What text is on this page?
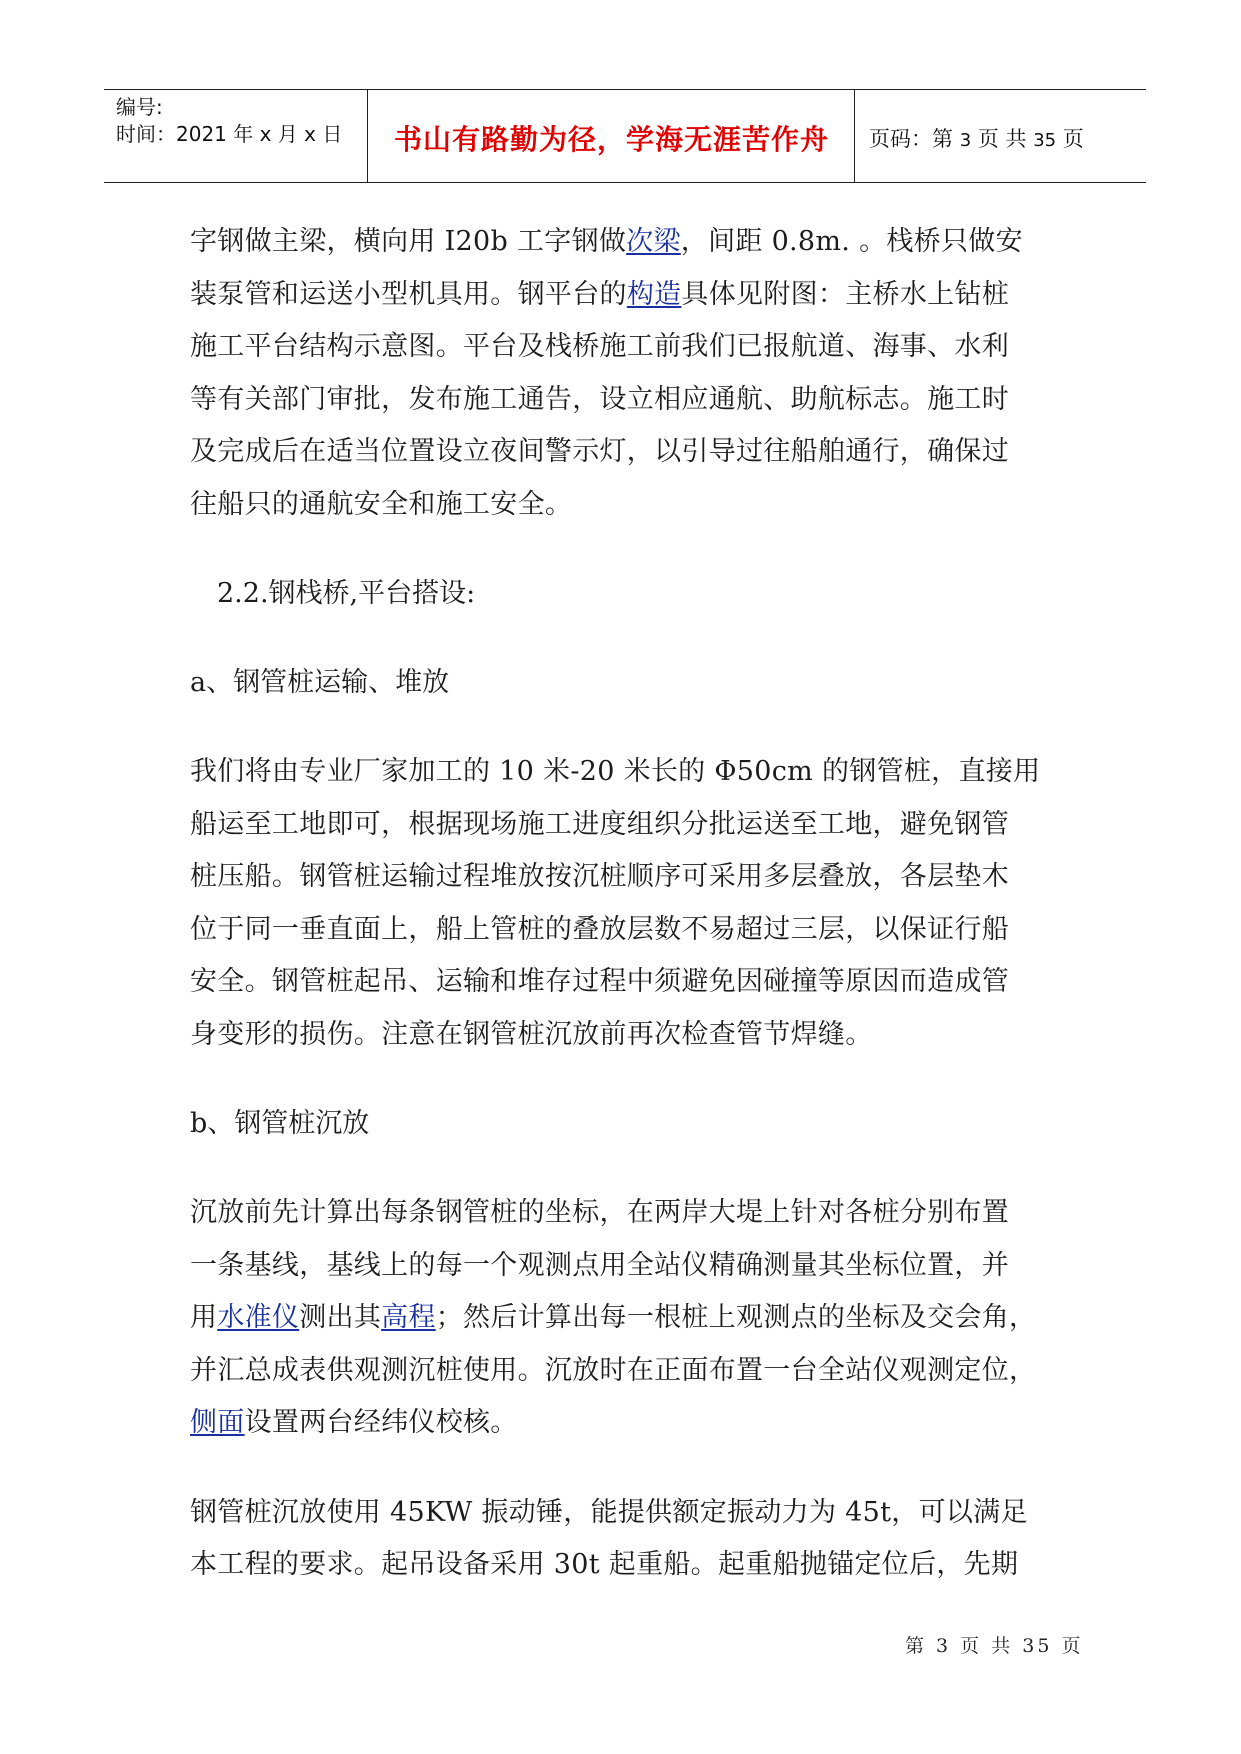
编号:
时间：2021 年 x 月 x 日	书山有路勤为径，学海无涯苦作舟	页码：第 3 页 共 35 页
字钢做主梁，横向用 I20b 工字钢做次梁，间距 0.8m. 。栈桥只做安
装泵管和运送小型机具用。钢平台的构造具体见附图：主桥水上钻桩
施工平台结构示意图。平台及栈桥施工前我们已报航道、海事、水利
等有关部门审批，发布施工通告，设立相应通航、助航标志。施工时
及完成后在适当位置设立夜间警示灯，以引导过往船舶通行，确保过
往船只的通航安全和施工安全。
2.2.钢栈桥,平台搭设:
a、钢管桩运输、堆放
我们将由专业厂家加工的 10 米-20 米长的 Φ50cm 的钢管桩，直接用
船运至工地即可，根据现场施工进度组织分批运送至工地，避免钢管
桩压船。钢管桩运输过程堆放按沉桩顺序可采用多层叠放，各层垫木
位于同一垂直面上，船上管桩的叠放层数不易超过三层，以保证行船
安全。钢管桩起吊、运输和堆存过程中须避免因碰撞等原因而造成管
身变形的损伤。注意在钢管桩沉放前再次检查管节焊缝。
b、钢管桩沉放
沉放前先计算出每条钢管桩的坐标，在两岸大堤上针对各桩分别布置
一条基线，基线上的每一个观测点用全站仪精确测量其坐标位置，并
用水准仪测出其高程；然后计算出每一根桩上观测点的坐标及交会角，
并汇总成表供观测沉桩使用。沉放时在正面布置一台全站仪观测定位，
侧面设置两台经纬仪校核。
钢管桩沉放使用 45KW 振动锤，能提供额定振动力为 45t，可以满足
本工程的要求。起吊设备采用 30t 起重船。起重船抛锚定位后，先期
第 3 页 共 35 页
